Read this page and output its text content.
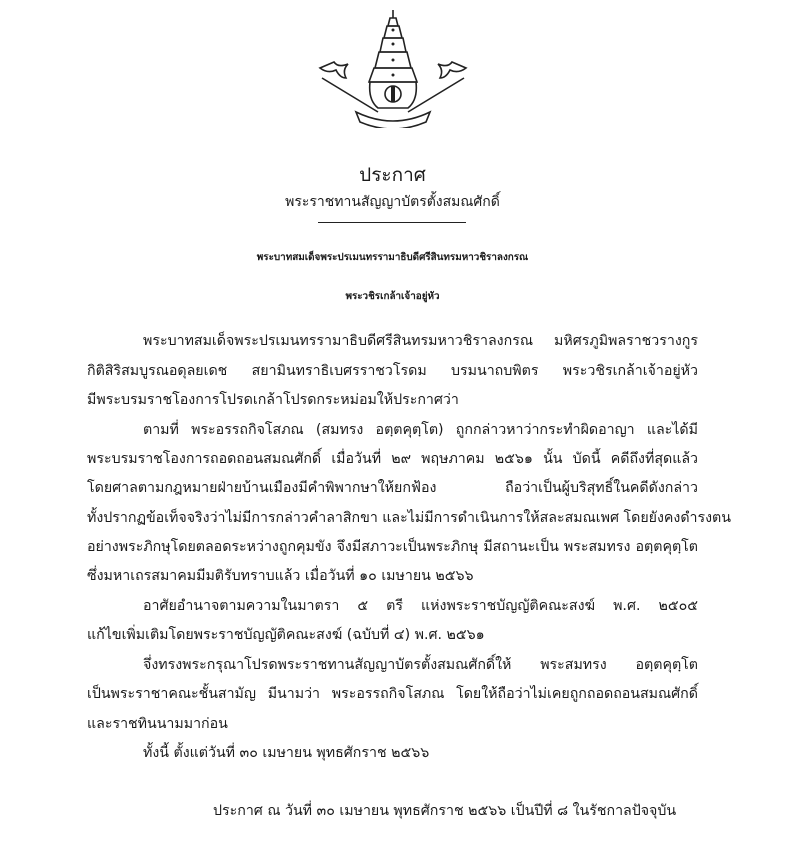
ประกาศ
พระราชทานสัญญาบัตรตั้งสมณศักดิ์
พระบาทสมเด็จพระปรเมนทรรามาธิบดีศรีสินทรมหาวชิราลงกรณ
พระวชิรเกล้าเจ้าอยู่หัว
พระบาทสมเด็จพระปรเมนทรรามาธิบดีศรีสินทรมหาวชิราลงกรณ มหิศรภูมิพลราชวรางกูร
กิติสิริสมบูรณอดุลยเดช สยามินทราธิเบศรราชวโรดม บรมนาถบพิตร พระวชิรเกล้าเจ้าอยู่หัว
มีพระบรมราชโองการโปรดเกล้าโปรดกระหม่อมให้ประกาศว่า
ตามที่ พระอรรถกิจโสภณ (สมทรง อตฺตคุตฺโต) ถูกกล่าวหาว่ากระทำผิดอาญา และได้มี
พระบรมราชโองการถอดถอนสมณศักดิ์ เมื่อวันที่ ๒๙ พฤษภาคม ๒๕๖๑ นั้น บัดนี้ คดีถึงที่สุดแล้ว
โดยศาลตามกฎหมายฝ่ายบ้านเมืองมีคำพิพากษาให้ยกฟ้อง ถือว่าเป็นผู้บริสุทธิ์ในคดีดังกล่าว
ทั้งปรากฏข้อเท็จจริงว่าไม่มีการกล่าวคำลาสิกขา และไม่มีการดำเนินการให้สละสมณเพศ โดยยังคงดำรงตน
อย่างพระภิกษุโดยตลอดระหว่างถูกคุมขัง จึงมีสภาวะเป็นพระภิกษุ มีสถานะเป็น พระสมทรง อตฺตคุตฺโต
ซึ่งมหาเถรสมาคมมีมติรับทราบแล้ว เมื่อวันที่ ๑๐ เมษายน ๒๕๖๖
อาศัยอำนาจตามความในมาตรา ๕ ตรี แห่งพระราชบัญญัติคณะสงฆ์ พ.ศ. ๒๕๐๕
แก้ไขเพิ่มเติมโดยพระราชบัญญัติคณะสงฆ์ (ฉบับที่ ๔) พ.ศ. ๒๕๖๑
จึ่งทรงพระกรุณาโปรดพระราชทานสัญญาบัตรตั้งสมณศักดิ์ให้ พระสมทรง อตฺตคุตฺโต
เป็นพระราชาคณะชั้นสามัญ มีนามว่า พระอรรถกิจโสภณ โดยให้ถือว่าไม่เคยถูกถอดถอนสมณศักดิ์
และราชทินนามมาก่อน
ทั้งนี้ ตั้งแต่วันที่ ๓๐ เมษายน พุทธศักราช ๒๕๖๖
ประกาศ ณ วันที่ ๓๐ เมษายน พุทธศักราช ๒๕๖๖ เป็นปีที่ ๘ ในรัชกาลปัจจุบัน
